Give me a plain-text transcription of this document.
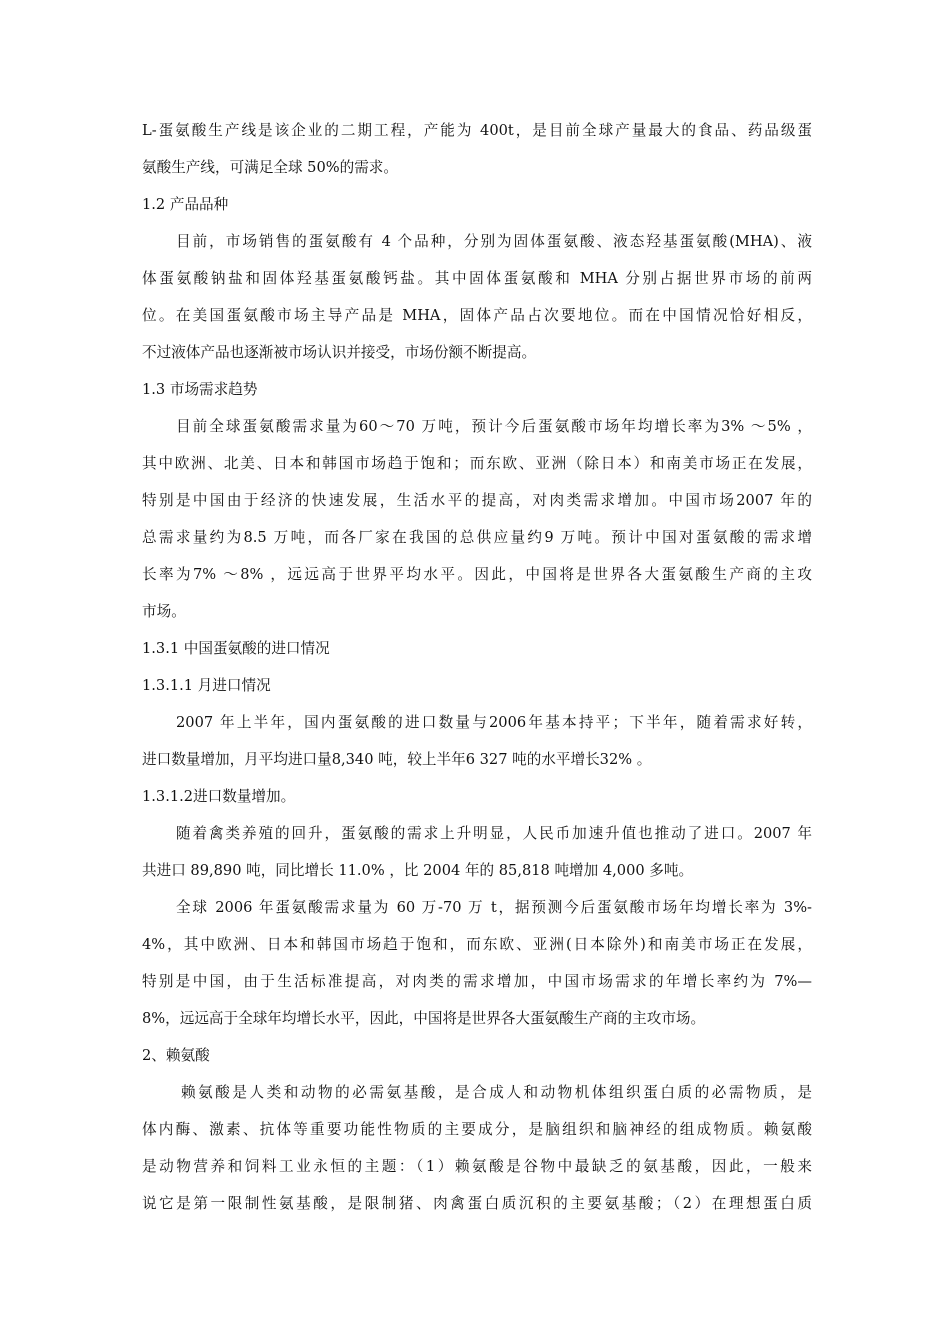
L-蛋氨酸生产线是该企业的二期工程，产能为 400t，是目前全球产量最大的食品、药品级蛋
氨酸生产线，可满足全球 50%的需求。
1.2 产品品种
目前，市场销售的蛋氨酸有 4 个品种，分别为固体蛋氨酸、液态羟基蛋氨酸(MHA)、液
体蛋氨酸钠盐和固体羟基蛋氨酸钙盐。其中固体蛋氨酸和 MHA 分别占据世界市场的前两
位。在美国蛋氨酸市场主导产品是 MHA，固体产品占次要地位。而在中国情况恰好相反，
不过液体产品也逐渐被市场认识并接受，市场份额不断提高。
1.3 市场需求趋势
目前全球蛋氨酸需求量为60～70 万吨，预计今后蛋氨酸市场年均增长率为3% ～5% ，
其中欧洲、北美、日本和韩国市场趋于饱和；而东欧、亚洲（除日本）和南美市场正在发展，
特别是中国由于经济的快速发展，生活水平的提高，对肉类需求增加。中国市场2007 年的
总需求量约为8.5 万吨，而各厂家在我国的总供应量约9 万吨。预计中国对蛋氨酸的需求增
长率为7% ～8% ，远远高于世界平均水平。因此，中国将是世界各大蛋氨酸生产商的主攻
市场。
1.3.1 中国蛋氨酸的进口情况
1.3.1.1 月进口情况
2007 年上半年，国内蛋氨酸的进口数量与2006年基本持平；下半年，随着需求好转，
进口数量增加，月平均进口量8,340 吨，较上半年6 327 吨的水平增长32% 。
1.3.1.2进口数量增加。
随着禽类养殖的回升，蛋氨酸的需求上升明显，人民币加速升值也推动了进口。2007 年
共进口 89,890 吨，同比增长 11.0% ，比 2004 年的 85,818 吨增加 4,000 多吨。
全球 2006 年蛋氨酸需求量为 60 万-70 万 t，据预测今后蛋氨酸市场年均增长率为 3%-
4%，其中欧洲、日本和韩国市场趋于饱和，而东欧、亚洲(日本除外)和南美市场正在发展，
特别是中国，由于生活标准提高，对肉类的需求增加，中国市场需求的年增长率约为 7%—
8%，远远高于全球年均增长水平，因此，中国将是世界各大蛋氨酸生产商的主攻市场。
2、赖氨酸
赖氨酸是人类和动物的必需氨基酸，是合成人和动物机体组织蛋白质的必需物质，是
体内酶、激素、抗体等重要功能性物质的主要成分，是脑组织和脑神经的组成物质。赖氨酸
是动物营养和饲料工业永恒的主题：（1）赖氨酸是谷物中最缺乏的氨基酸，因此，一般来
说它是第一限制性氨基酸，是限制猪、肉禽蛋白质沉积的主要氨基酸；（2）在理想蛋白质
